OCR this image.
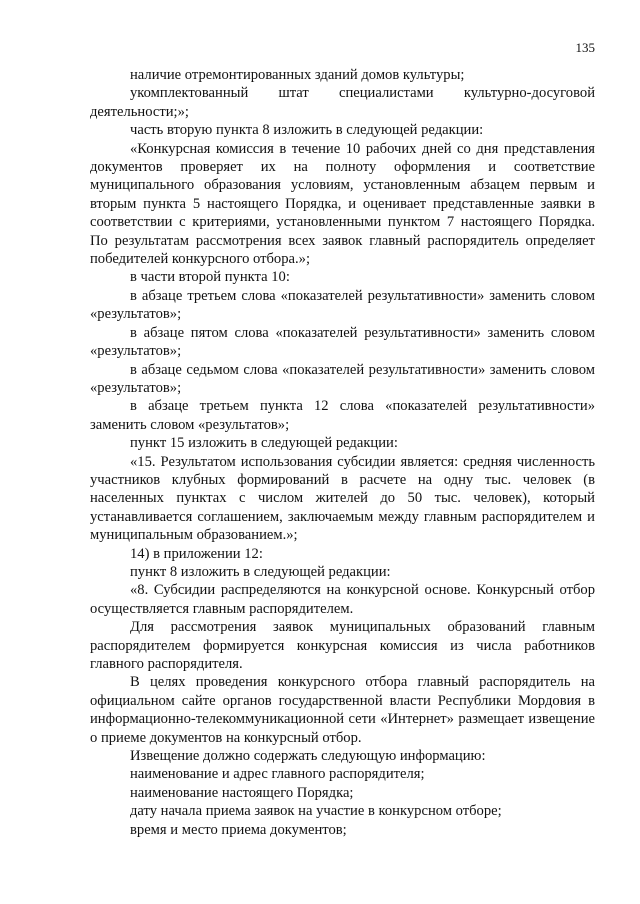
135

наличие отремонтированных зданий домов культуры;

укомплектованный штат специалистами культурно-досуговой деятельности;»;

часть вторую пункта 8 изложить в следующей редакции:

«Конкурсная комиссия в течение 10 рабочих дней со дня представления документов проверяет их на полноту оформления и соответствие муниципального образования условиям, установленным абзацем первым и вторым пункта 5 настоящего Порядка, и оценивает представленные заявки в соответствии с критериями, установленными пунктом 7 настоящего Порядка. По результатам рассмотрения всех заявок главный распорядитель определяет победителей конкурсного отбора.»;

в части второй пункта 10:

в абзаце третьем слова «показателей результативности» заменить словом «результатов»;

в абзаце пятом слова «показателей результативности» заменить словом «результатов»;

в абзаце седьмом слова «показателей результативности» заменить словом «результатов»;

в абзаце третьем пункта 12 слова «показателей результативности» заменить словом «результатов»;

пункт 15 изложить в следующей редакции:

«15. Результатом использования субсидии является: средняя численность участников клубных формирований в расчете на одну тыс. человек (в населенных пунктах с числом жителей до 50 тыс. человек), который устанавливается соглашением, заключаемым между главным распорядителем и муниципальным образованием.»;

14) в приложении 12:

пункт 8 изложить в следующей редакции:

«8. Субсидии распределяются на конкурсной основе. Конкурсный отбор осуществляется главным распорядителем.

Для рассмотрения заявок муниципальных образований главным распорядителем формируется конкурсная комиссия из числа работников главного распорядителя.

В целях проведения конкурсного отбора главный распорядитель на официальном сайте органов государственной власти Республики Мордовия в информационно-телекоммуникационной сети «Интернет» размещает извещение о приеме документов на конкурсный отбор.

Извещение должно содержать следующую информацию:

наименование и адрес главного распорядителя;

наименование настоящего Порядка;

дату начала приема заявок на участие в конкурсном отборе;

время и место приема документов;
